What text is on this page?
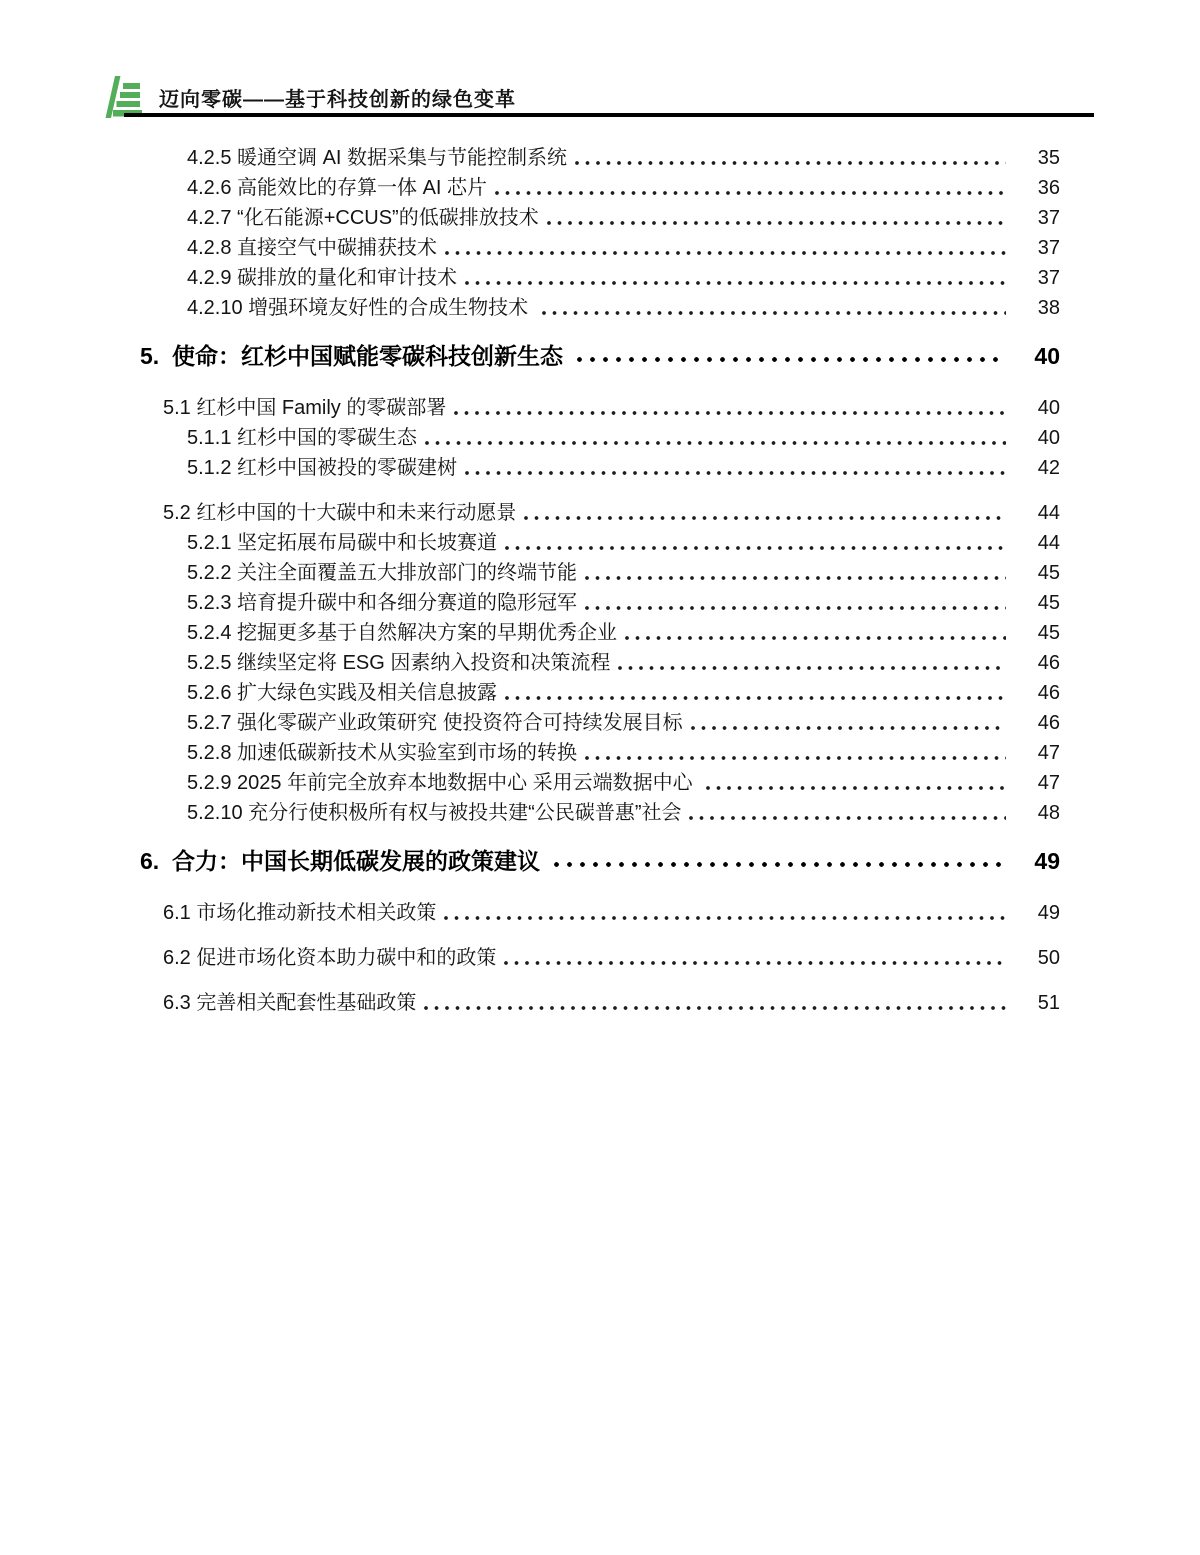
迈向零碳——基于科技创新的绿色变革
4.2.5 暖通空调 AI 数据采集与节能控制系统	35
4.2.6 高能效比的存算一体 AI 芯片	36
4.2.7 “化石能源+CCUS”的低碳排放技术	37
4.2.8 直接空气中碳捕获技术	37
4.2.9 碳排放的量化和审计技术	37
4.2.10 增强环境友好性的合成生物技术	38
5.  使命：红杉中国赋能零碳科技创新生态	40
5.1 红杉中国 Family 的零碳部署	40
5.1.1 红杉中国的零碳生态	40
5.1.2 红杉中国被投的零碳建树	42
5.2 红杉中国的十大碳中和未来行动愿景	44
5.2.1 坚定拓展布局碳中和长坡赛道	44
5.2.2 关注全面覆盖五大排放部门的终端节能	45
5.2.3 培育提升碳中和各细分赛道的隐形冠军	45
5.2.4 挖掘更多基于自然解决方案的早期优秀企业	45
5.2.5 继续坚定将 ESG 因素纳入投资和决策流程	46
5.2.6 扩大绿色实践及相关信息披露	46
5.2.7 强化零碳产业政策研究 使投资符合可持续发展目标	46
5.2.8 加速低碳新技术从实验室到市场的转换	47
5.2.9 2025 年前完全放弃本地数据中心 采用云端数据中心	47
5.2.10 充分行使积极所有权与被投共建“公民碳普惠”社会	48
6.  合力：中国长期低碳发展的政策建议	49
6.1 市场化推动新技术相关政策	49
6.2 促进市场化资本助力碳中和的政策	50
6.3 完善相关配套性基础政策	51
